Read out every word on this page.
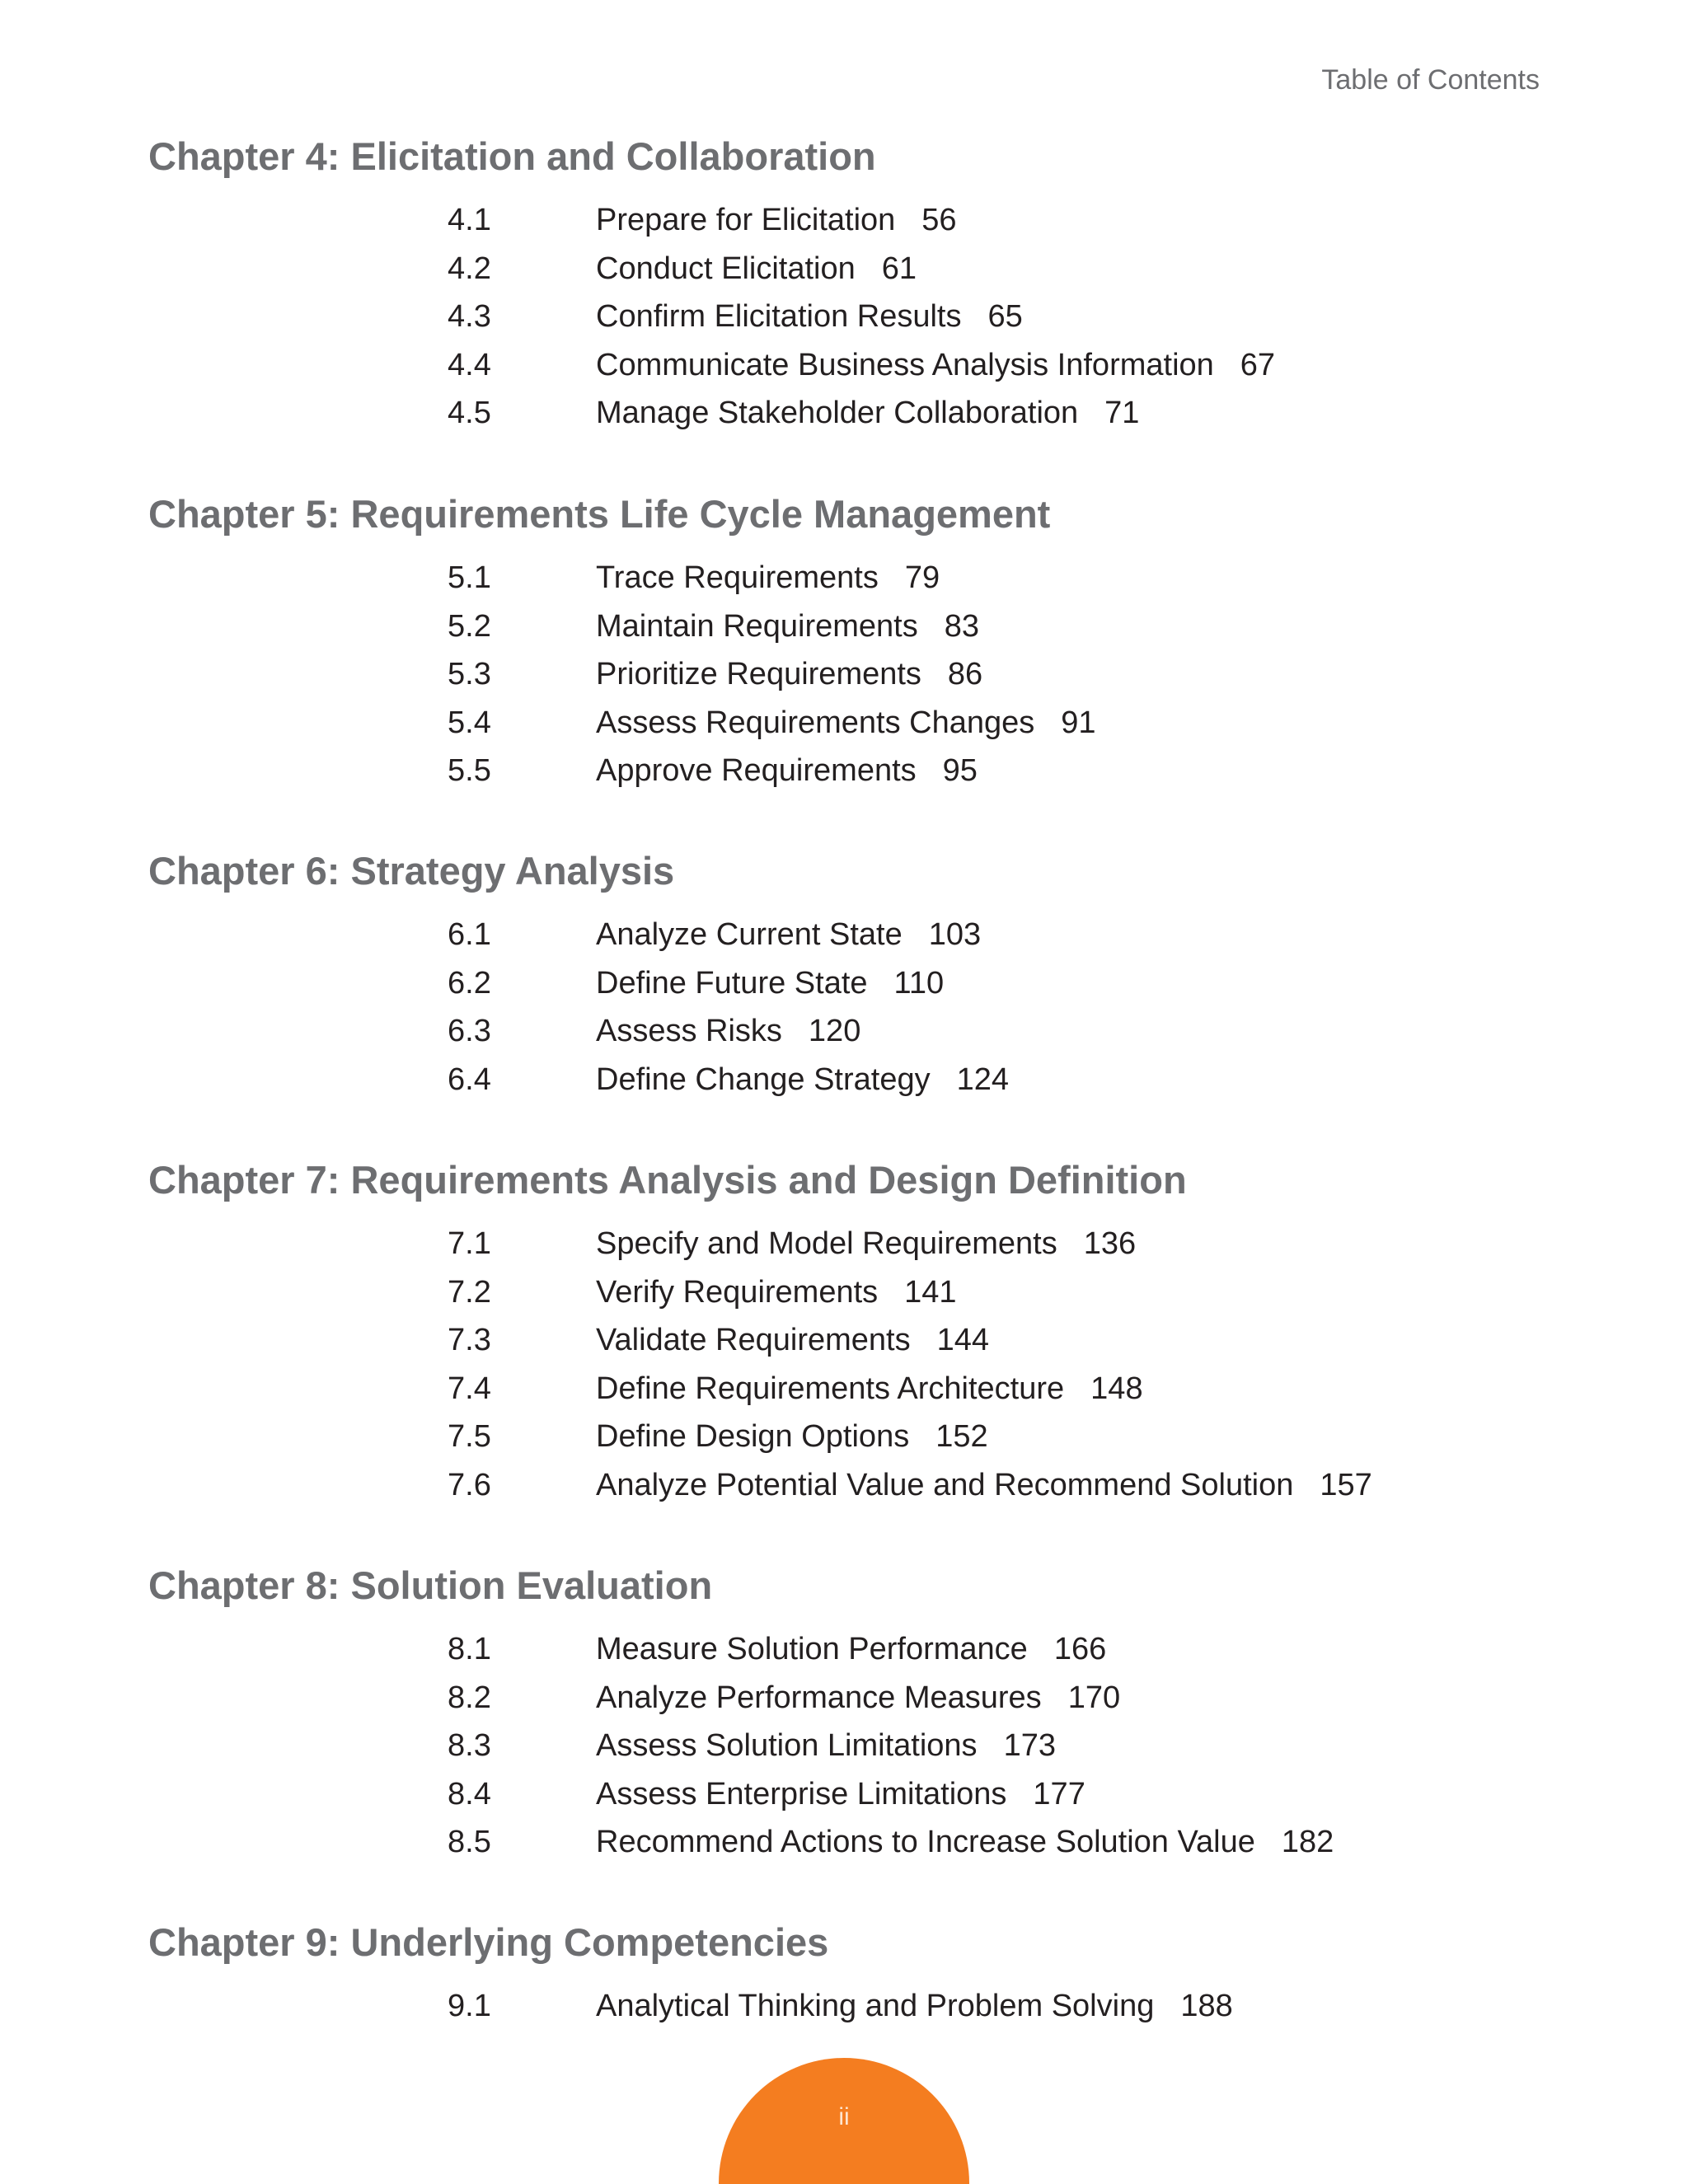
Table of Contents
Chapter 4: Elicitation and Collaboration
4.1	Prepare for Elicitation 56
4.2	Conduct Elicitation 61
4.3	Confirm Elicitation Results 65
4.4	Communicate Business Analysis Information 67
4.5	Manage Stakeholder Collaboration 71
Chapter 5: Requirements Life Cycle Management
5.1	Trace Requirements 79
5.2	Maintain Requirements 83
5.3	Prioritize Requirements 86
5.4	Assess Requirements Changes 91
5.5	Approve Requirements 95
Chapter 6: Strategy Analysis
6.1	Analyze Current State 103
6.2	Define Future State 110
6.3	Assess Risks 120
6.4	Define Change Strategy 124
Chapter 7: Requirements Analysis and Design Definition
7.1	Specify and Model Requirements 136
7.2	Verify Requirements 141
7.3	Validate Requirements 144
7.4	Define Requirements Architecture 148
7.5	Define Design Options 152
7.6	Analyze Potential Value and Recommend Solution 157
Chapter 8: Solution Evaluation
8.1	Measure Solution Performance 166
8.2	Analyze Performance Measures 170
8.3	Assess Solution Limitations 173
8.4	Assess Enterprise Limitations 177
8.5	Recommend Actions to Increase Solution Value 182
Chapter 9: Underlying Competencies
9.1	Analytical Thinking and Problem Solving 188
ii
